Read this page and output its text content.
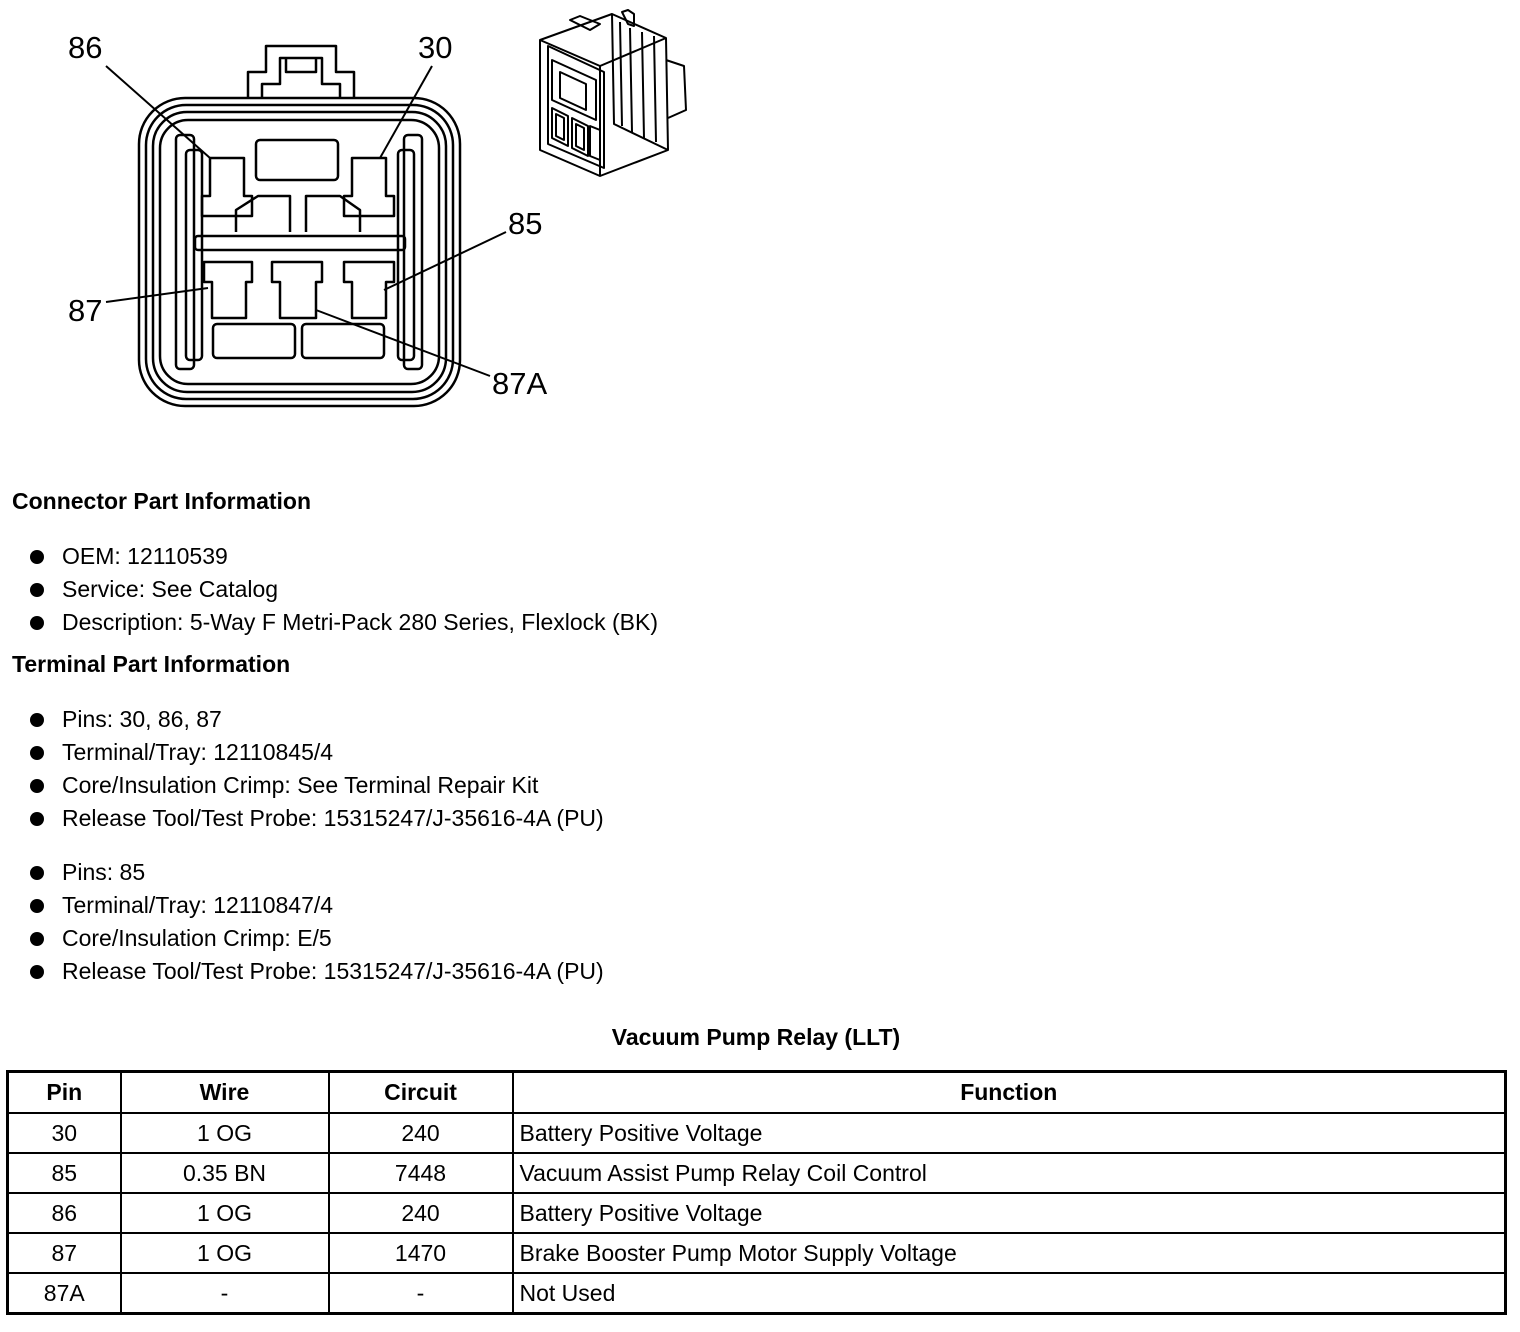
86	30
85
87
87A
Connector Part Information
OEM: 12110539
Service: See Catalog
Description: 5-Way F Metri-Pack 280 Series, Flexlock (BK)
Terminal Part Information
Pins: 30, 86, 87
Terminal/Tray: 12110845/4
Core/Insulation Crimp: See Terminal Repair Kit
Release Tool/Test Probe: 15315247/J-35616-4A (PU)
Pins: 85
Terminal/Tray: 12110847/4
Core/Insulation Crimp: E/5
Release Tool/Test Probe: 15315247/J-35616-4A (PU)
Vacuum Pump Relay (LLT)
Pin	Wire	Circuit	Function
30	1 OG	240	Battery Positive Voltage
85	0.35 BN	7448	Vacuum Assist Pump Relay Coil Control
86	1 OG	240	Battery Positive Voltage
87	1 OG	1470	Brake Booster Pump Motor Supply Voltage
87A	-	-	Not Used
